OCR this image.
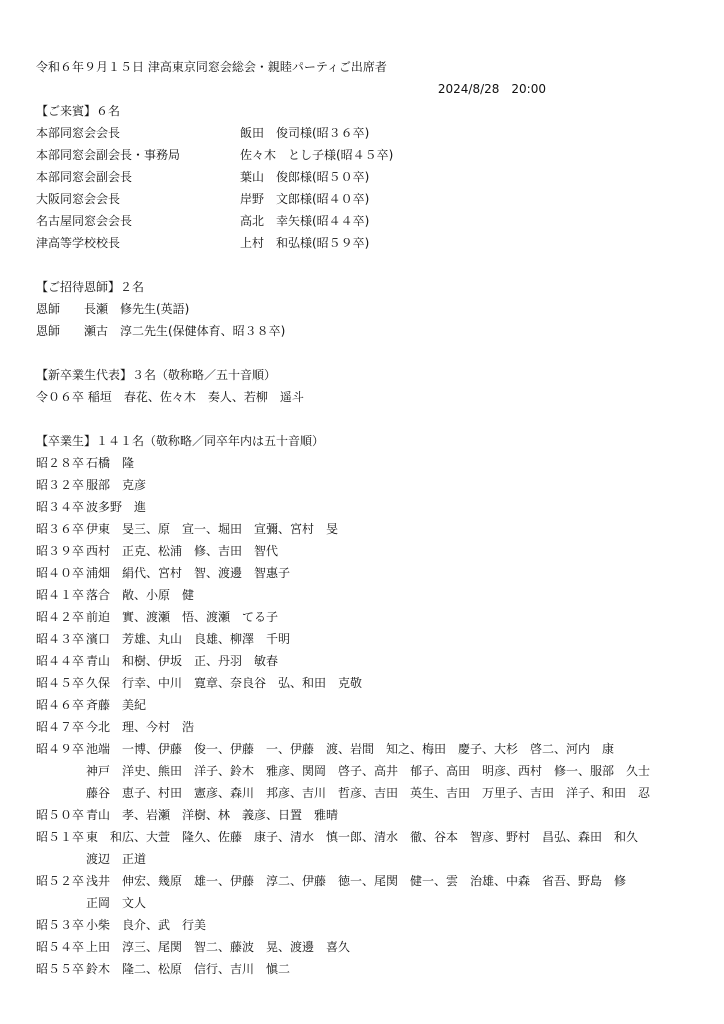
令和６年９月１５日 津高東京同窓会総会・親睦パーティご出席者
2024/8/28　20:00
【ご来賓】６名
本部同窓会会長	飯田　俊司様(昭３６卒)
本部同窓会副会長・事務局	佐々木　とし子様(昭４５卒)
本部同窓会副会長	葉山　俊郎様(昭５０卒)
大阪同窓会会長	岸野　文郎様(昭４０卒)
名古屋同窓会会長	高北　幸矢様(昭４４卒)
津高等学校校長	上村　和弘様(昭５９卒)
【ご招待恩師】２名
恩師　　長瀬　修先生(英語)
恩師　　瀬古　淳二先生(保健体育、昭３８卒)
【新卒業生代表】３名（敬称略／五十音順）
令０６卒 稲垣　春花、佐々木　奏人、若柳　遥斗
【卒業生】１４１名（敬称略／同卒年内は五十音順）
昭２８卒 石橋　隆
昭３２卒 服部　克彦
昭３４卒 波多野　進
昭３６卒 伊東　旻三、原　宣一、堀田　宣彌、宮村　旻
昭３９卒 西村　正克、松浦　修、吉田　智代
昭４０卒 浦畑　絹代、宮村　智、渡邊　智惠子
昭４１卒 落合　敞、小原　健
昭４２卒 前迫　實、渡瀬　悟、渡瀬　てる子
昭４３卒 濱口　芳雄、丸山　良雄、柳澤　千明
昭４４卒 青山　和樹、伊坂　正、丹羽　敏春
昭４５卒 久保　行幸、中川　寛章、奈良谷　弘、和田　克敬
昭４６卒 斉藤　美紀
昭４７卒 今北　理、今村　浩
昭４９卒 池端　一博、伊藤　俊一、伊藤　一、伊藤　渡、岩間　知之、梅田　慶子、大杉　啓二、河内　康
神戸　洋史、熊田　洋子、鈴木　雅彦、関岡　啓子、高井　郁子、高田　明彦、西村　修一、服部　久士
藤谷　恵子、村田　憲彦、森川　邦彦、吉川　哲彦、吉田　英生、吉田　万里子、吉田　洋子、和田　忍
昭５０卒 青山　孝、岩瀬　洋樹、林　義彦、日置　雅晴
昭５１卒 東　和広、大萱　隆久、佐藤　康子、清水　慎一郎、清水　徹、谷本　智彦、野村　昌弘、森田　和久
渡辺　正道
昭５２卒 浅井　伸宏、幾原　雄一、伊藤　淳二、伊藤　徳一、尾関　健一、雲　治雄、中森　省吾、野島　修
正岡　文人
昭５３卒 小柴　良介、武　行美
昭５４卒 上田　淳三、尾関　智二、藤波　晃、渡邊　喜久
昭５５卒 鈴木　隆二、松原　信行、吉川　愼二
